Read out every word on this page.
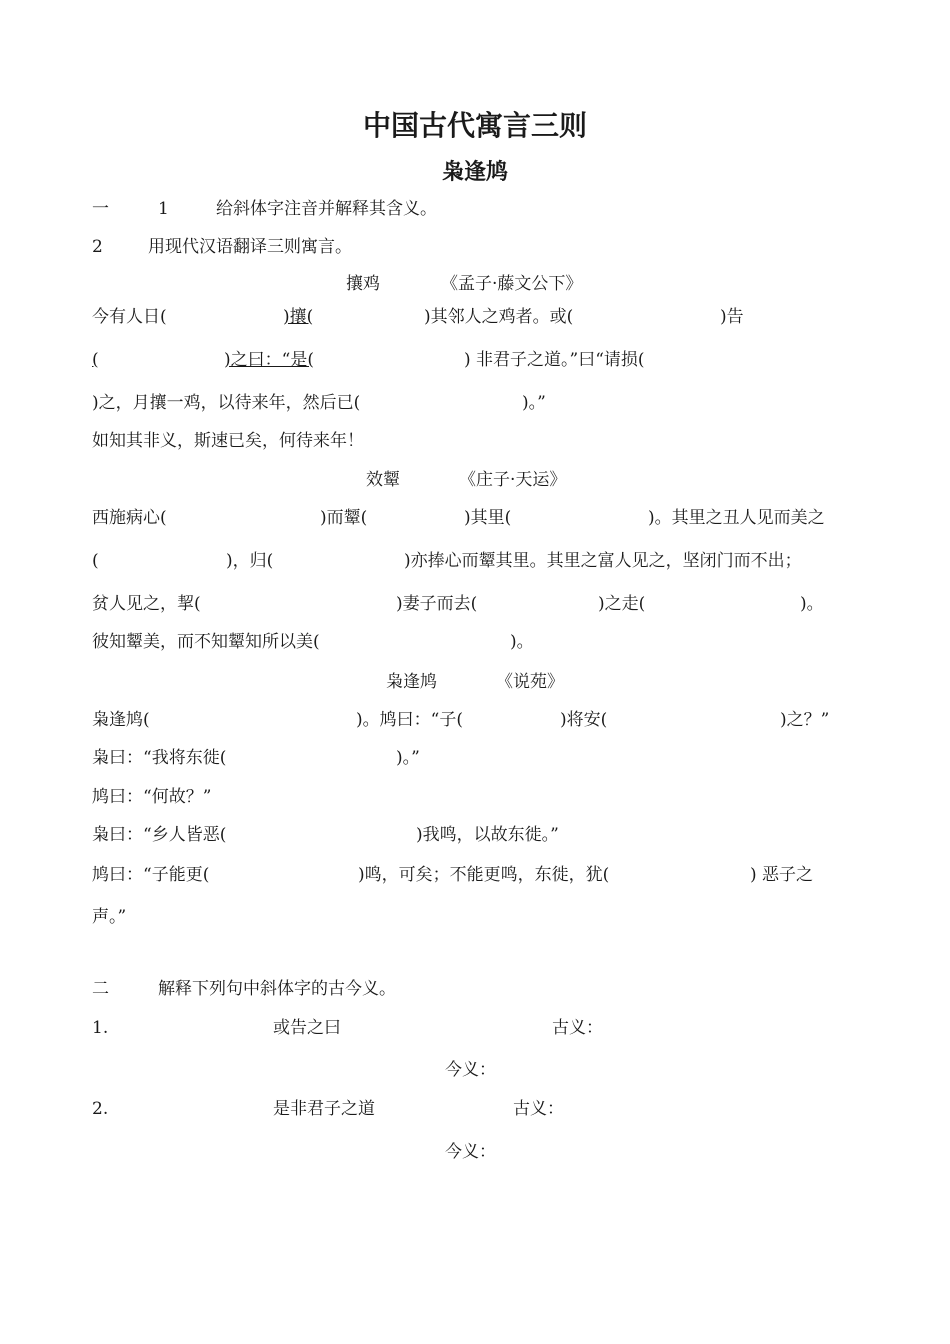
中国古代寓言三则
枭逢鸠
一	1	给斜体字注音并解释其含义。
2	用现代汉语翻译三则寓言。
攘鸡	《孟子·藤文公下》
今有人日(	)攘(	)其邻人之鸡者。或(	)告
(	)之曰：“是(	) 非君子之道。”曰“请损(
)之，月攘一鸡，以待来年，然后已(	)。”
如知其非义，斯速已矣，何待来年！
效颦	《庄子·天运》
西施病心(	)而颦(	)其里(	)。其里之丑人见而美之
(	)，归(	)亦捧心而颦其里。其里之富人见之，坚闭门而不出；
贫人见之，挈(	)妻子而去(	)之走(	)。
彼知颦美，而不知颦知所以美(	)。
枭逢鸠	《说苑》
枭逢鸠(	)。鸠曰：“子(	)将安(	)之？”
枭曰：“我将东徙(	)。”
鸠曰：“何故？”
枭曰：“乡人皆恶(	)我鸣，以故东徙。”
鸠曰：“子能更(	)鸣，可矣；不能更鸣，东徙，犹(	) 恶子之
声。”
二	解释下列句中斜体字的古今义。
1.	或告之曰	古义：
今义：
2.	是非君子之道	古义：
今义：
